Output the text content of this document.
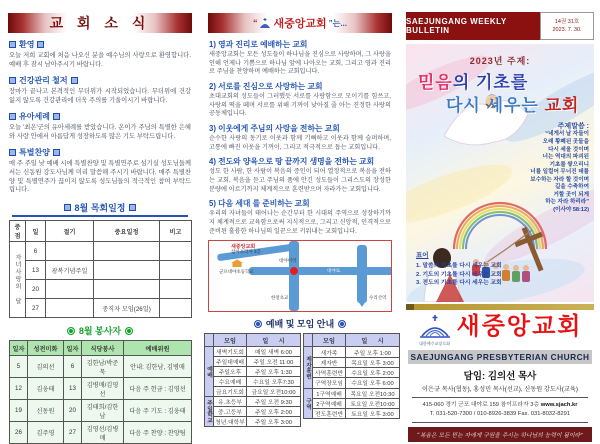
교 회 소 식
환영
오늘 저희 교회에 처음 나오신 분을 예수님의 사랑으로 환영합니다. 예배 후 잠시 남아주시기 바랍니다.
건강관리 철저
장마가 끝나고 본격적인 무더위가 시작되었습니다. 무더위에 건강 잃지 않도록 건강관리에 더욱 주의를 기울이시기 바랍니다.
유아세례
오늘 '최온'군의 유아세례를 받았습니다. 온이가 주님의 특별한 은혜와 사랑 안에서 아름답게 성장하도록 많은 기도 부탁드립니다.
특별찬양
매 주 주일 낮 예배 시에 특별찬양 및 특별연주로 섬기실 성도님들께서는 신동원 강도사님께 미리 말씀해 주시기 바랍니다. 매주 특별찬양 및 특별연주가 끊이지 않도록 성도님들의 적극적인 참여 부탁드립니다.
8월 목회일정
중점	일	절기	중요일정	비고
자녀사랑의 달	6			
	13	광복기념주일		
	20			
	27		중직자 모임(26일)	
8월 봉사자
일자	성전미화	일자	식당봉사	예배위원
5	김의선	6	김한남/박준묵	안내: 김한남, 김병매
12	김웅태	13	김병매/김영선	다음 주 헌금 : 김영선
19	신동원	20	김태희/김한남	다음 주 기도 : 김웅태
26	김주영	27	김영선/김병매	다음 주 찬양 : 찬양팀
“ 새중앙교회 ”는...
1) 영과 진리로 예배하는 교회
새중앙교회는 모든 성도들이 하나님을 진심으로 사랑하며, 그 사랑을 인해 언제나 기쁨으로 하나님 앞에 나아오는 교회, 그리고 영과 진리로 주님을 찬양하며 예배하는 교회입니다.
2) 서로를 진심으로 사랑하는 교회
초대교회의 성도들이 그러했듯 서로를 사랑함으로 모이기를 힘쓰고, 사랑의 떡을 떼며 서로를 위해 기꺼이 낮아질 줄 아는 진정한 사랑의 공동체입니다.
3) 이웃에게 주님의 사랑을 전하는 교회
순수한 사랑의 동기로 이웃과 함께 기뻐하고 이웃과 함께 슬퍼하며, 고통에 빠진 이웃을 기꺼이, 그리고 적극적으로 돕는 교회입니다.
4) 전도와 양육으로 땅 끝까지 생명을 전하는 교회
성도 한 사람, 한 사람이 복음의 증인이 되어 열정적으로 복음을 전하는 교회, 복음을 듣고 주님의 품에 안긴 성도들이 그리스도의 장성한 분량에 이르기까지 체계적으로 훈련받으며 자라가는 교회입니다.
5) 다음 세대 를 준비하는 교회
우리의 자녀들이 태어나는 순간부터 한 시대의 주역으로 성장하기까지 체계적으로 교육함으로써 지식적으로, 그리고 신앙적, 인격적으로 준비된 훌륭한 하나님의 일꾼으로 키워내는 교회입니다.
새중앙교회
참이프라자 3층
군포대야초등학교
대야미역
대야로
한얼초교	수리산역
예배 및 모임 안내
	모임	일      시
예배	새벽기도회	매일 새벽 6:00
	주일대예배	주일 오전 11:00
	주일오후	주일 오후 1:30
	수요예배	수요일 오후7:30
	금요기도회	금요일 오전10:00
주일학교	유.초등부	주일 오전 9:30
	중.고등부	주일 오후 2:00
	청년.대학부	주일 오후 3:00
	모임	일      시
제자훈련	새가족	주일 오후 1:00
	제자반	목요일 오후 3:00
	사역훈련반	수요일 오후 2:00
	구역장모임	수요일 오후 6:00
구역	1구역예배	목요일 오전10:30
	2구역예배	토요일 오전10:00
	전도훈련반	토요일 오후 3:00
SAEJUNGANG WEEKLY BULLETIN
14권 31호
2023. 7. 30.
2023년 주제:
믿음의 기초를
다시 세우는 교회
주제말씀 :
“네게서 날 자들이
오래 황폐된 곳들을
다시 세울 것이며
너는 역대의 파괴된
기초를 쌓으리니
너를 일컬어 무너진 데를
보수하는 자라 할 것이며
길을 수축하여
거할 곳이 되게
하는 자라 하리라”
(이사야 58:12)
표어
1. 말씀의 기초를 다시 세우는 교회
2. 기도의 기초를 다시 세우는 교회
3. 전도의 기초를 다시 세우는 교회
대한예수교장로회
새중앙교회
SAEJUNGANG PRESBYTERIAN CHURCH
담임: 김의선 목사
이은규 목사(협동), 홍성민 목사(선교), 신동원 강도사(교육)
415-060 경기 군포 대야로 159 참이프라자 3층 www.sjach.kr
T. 031-520-7300 / 010-8926-3839 Fax. 031-8032-8291
“복음은 모든 믿는 자에게 구원을 주시는 하나님의 능력이 됨이라”
